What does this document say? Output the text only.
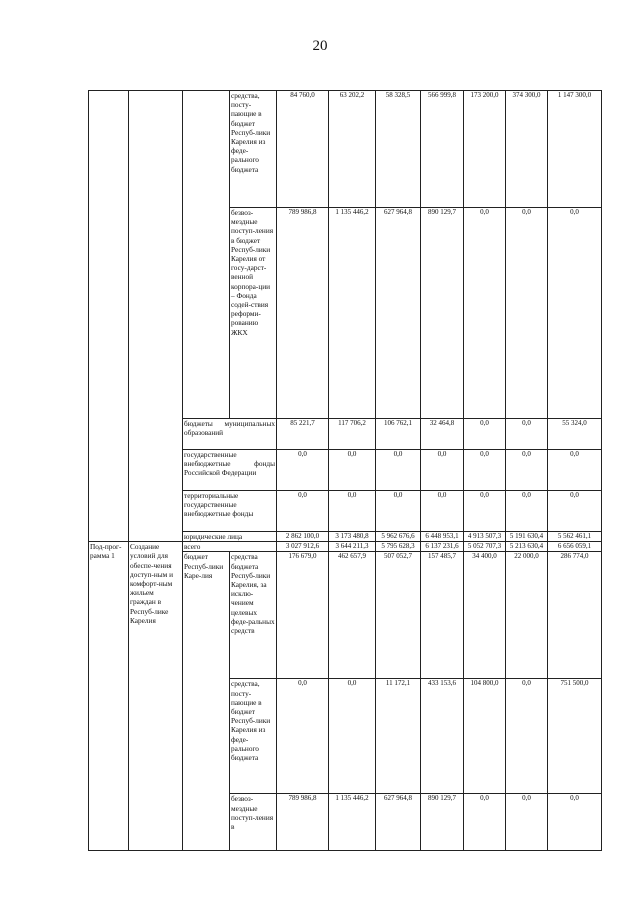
20
			средства, посту-пающие в бюджет Респуб-лики Карелия из феде-рального бюджета	84 760,0	63 202,2	58 328,5	566 999,8	173 200,0	374 300,0	1 147 300,0
			безвоз-мездные поступ-ления в бюджет Респуб-лики Карелия от госу-дарст-венной корпора-ции – Фонда содей-ствия реформи-рованию ЖКХ	789 986,8	1 135 446,2	627 964,8	890 129,7	0,0	0,0	0,0
		бюджеты муниципальных образований		85 221,7	117 706,2	106 762,1	32 464,8	0,0	0,0	55 324,0
		государственные внебюджетные фонды Российской Федерации		0,0	0,0	0,0	0,0	0,0	0,0	0,0
		территориальные государственные внебюджетные фонды		0,0	0,0	0,0	0,0	0,0	0,0	0,0
		юридические лица		2 862 100,0	3 173 480,8	5 962 676,6	6 448 953,1	4 913 507,3	5 191 630,4	5 562 461,1
Под-прог-рамма 1	Создание условий для обеспе-чения доступ-ным и комфорт-ным жильем граждан в Респуб-лике Карелия	всего		3 027 912,6	3 644 211,3	5 795 628,3	6 137 231,6	5 052 707,3	5 213 630,4	6 656 059,1
		бюджет Респуб-лики Каре-лия	средства бюджета Респуб-лики Карелия, за исклю-чением целевых феде-ральных средств	176 679,0	462 657,9	507 052,7	157 485,7	34 400,0	22 000,0	286 774,0
			средства, посту-пающие в бюджет Респуб-лики Карелия из феде-рального бюджета	0,0	0,0	11 172,1	433 153,6	104 800,0	0,0	751 500,0
			безвоз-мездные поступ-ления в	789 986,8	1 135 446,2	627 964,8	890 129,7	0,0	0,0	0,0
